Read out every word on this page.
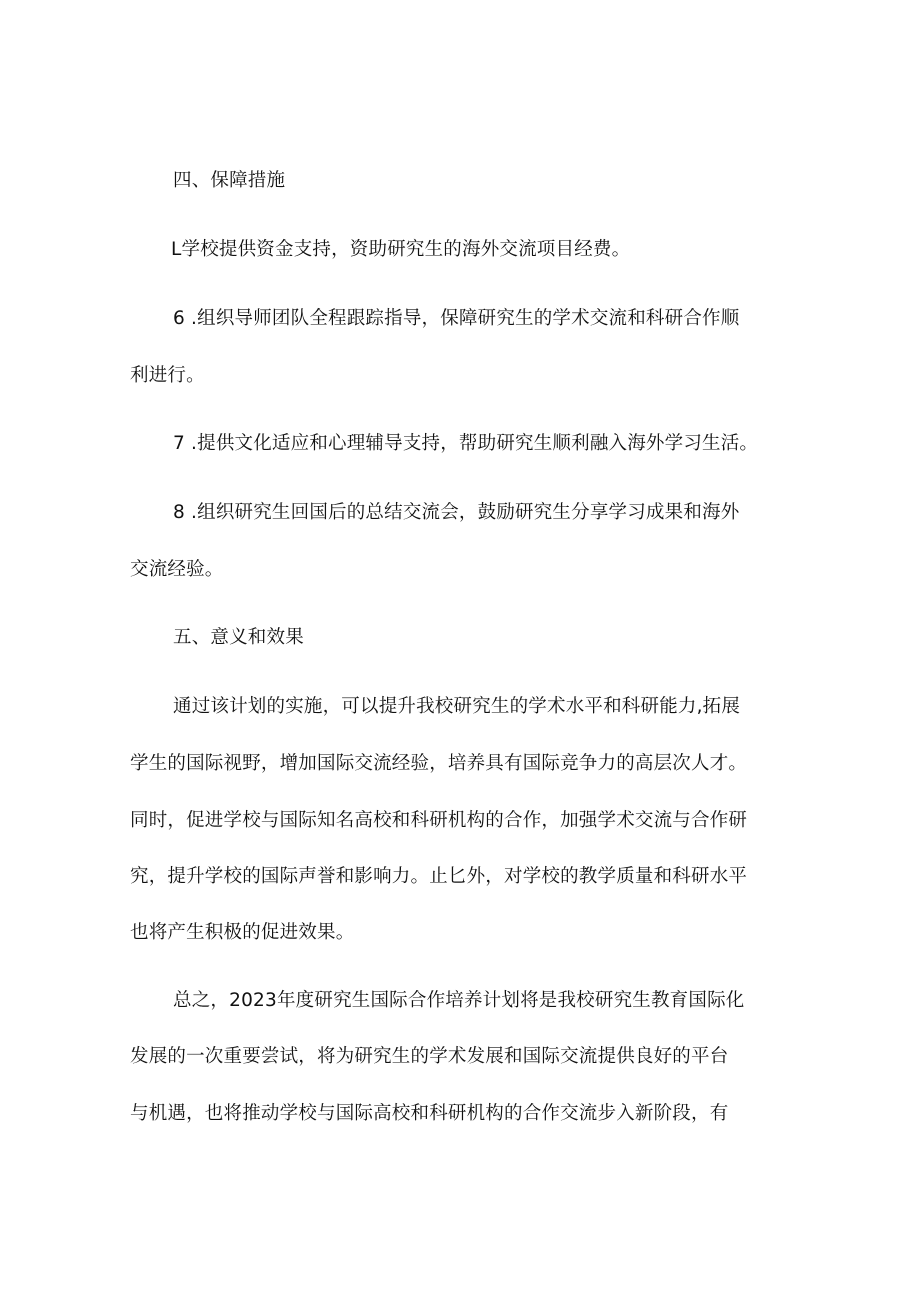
四、保障措施
L学校提供资金支持，资助研究生的海外交流项目经费。
6 .组织导师团队全程跟踪指导，保障研究生的学术交流和科研合作顺
利进行。
7 .提供文化适应和心理辅导支持，帮助研究生顺利融入海外学习生活。
8 .组织研究生回国后的总结交流会，鼓励研究生分享学习成果和海外
交流经验。
五、意义和效果
通过该计划的实施，可以提升我校研究生的学术水平和科研能力,拓展
学生的国际视野，增加国际交流经验，培养具有国际竞争力的高层次人才。
同时，促进学校与国际知名高校和科研机构的合作，加强学术交流与合作研
究，提升学校的国际声誉和影响力。止匕外，对学校的教学质量和科研水平
也将产生积极的促进效果。
总之，2023年度研究生国际合作培养计划将是我校研究生教育国际化
发展的一次重要尝试，将为研究生的学术发展和国际交流提供良好的平台
与机遇，也将推动学校与国际高校和科研机构的合作交流步入新阶段，有
